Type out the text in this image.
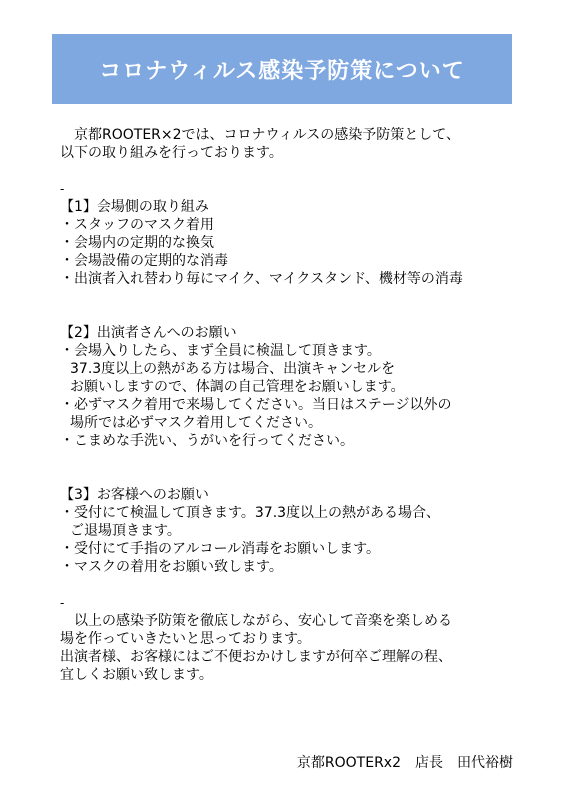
コロナウィルス感染予防策について
京都ROOTER×2では、コロナウィルスの感染予防策として、
以下の取り組みを行っております。
-
【1】会場側の取り組み
・スタッフのマスク着用
・会場内の定期的な換気
・会場設備の定期的な消毒
・出演者入れ替わり毎にマイク、マイクスタンド、機材等の消毒
【2】出演者さんへのお願い
・会場入りしたら、まず全員に検温して頂きます。
37.3度以上の熱がある方は場合、出演キャンセルを
お願いしますので、体調の自己管理をお願いします。
・必ずマスク着用で来場してください。当日はステージ以外の
場所では必ずマスク着用してください。
・こまめな手洗い、うがいを行ってください。
【3】お客様へのお願い
・受付にて検温して頂きます。37.3度以上の熱がある場合、
ご退場頂きます。
・受付にて手指のアルコール消毒をお願いします。
・マスクの着用をお願い致します。
-
以上の感染予防策を徹底しながら、安心して音楽を楽しめる
場を作っていきたいと思っております。
出演者様、お客様にはご不便おかけしますが何卒ご理解の程、
宜しくお願い致します。
京都ROOTERx2　店長　田代裕樹
